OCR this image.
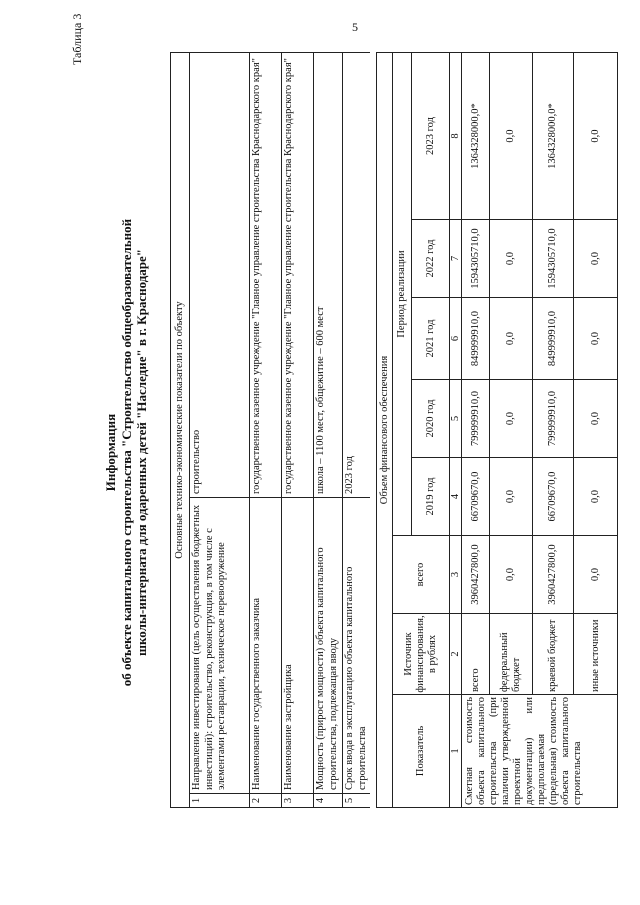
5
Таблица 3
Информация об объекте капитального строительства "Строительство общеобразовательной школы-интерната для одаренных детей "Наследие" в г. Краснодаре"	Основные технико-экономические показатели по объекту
1
Направление инвестирования (цель осуществления бюджетных инвестиций): строительство, реконструкция, в том числе с элементами реставрации, техническое перевооружение
строительство
2
Наименование государственного заказчика
государственное казенное учреждение "Главное управление строительства Краснодарского края"
3
Наименование застройщика
государственное казенное учреждение "Главное управление строительства Краснодарского края"
4
Мощность (прирост мощности) объекта капитального строительства, подлежащая вводу
школа – 1100 мест, общежитие – 600 мест
5
Срок ввода в эксплуатацию объекта капитального строительства
2023 год	Объем финансового обеспечения
Показатель
Источник финансирования, в рублях
всего
Период реализации
2019 год
2020 год
2021 год
2022 год
2023 год
1
2
3
4
5
6
7
8
Сметная стоимость объекта капитального строительства (при наличии утвержденной проектной документации) или предполагаемая (предельная) стоимость объекта капитального строительства
всего
3960427800,0
66709670,0
799999910,0
849999910,0
1594305710,0
1364328000,0*
федеральный бюджет
0,0
0,0
0,0
0,0
0,0
0,0
краевой бюджет
3960427800,0
66709670,0
799999910,0
849999910,0
1594305710,0
1364328000,0*
иные источники
0,0
0,0
0,0
0,0
0,0
0,0
